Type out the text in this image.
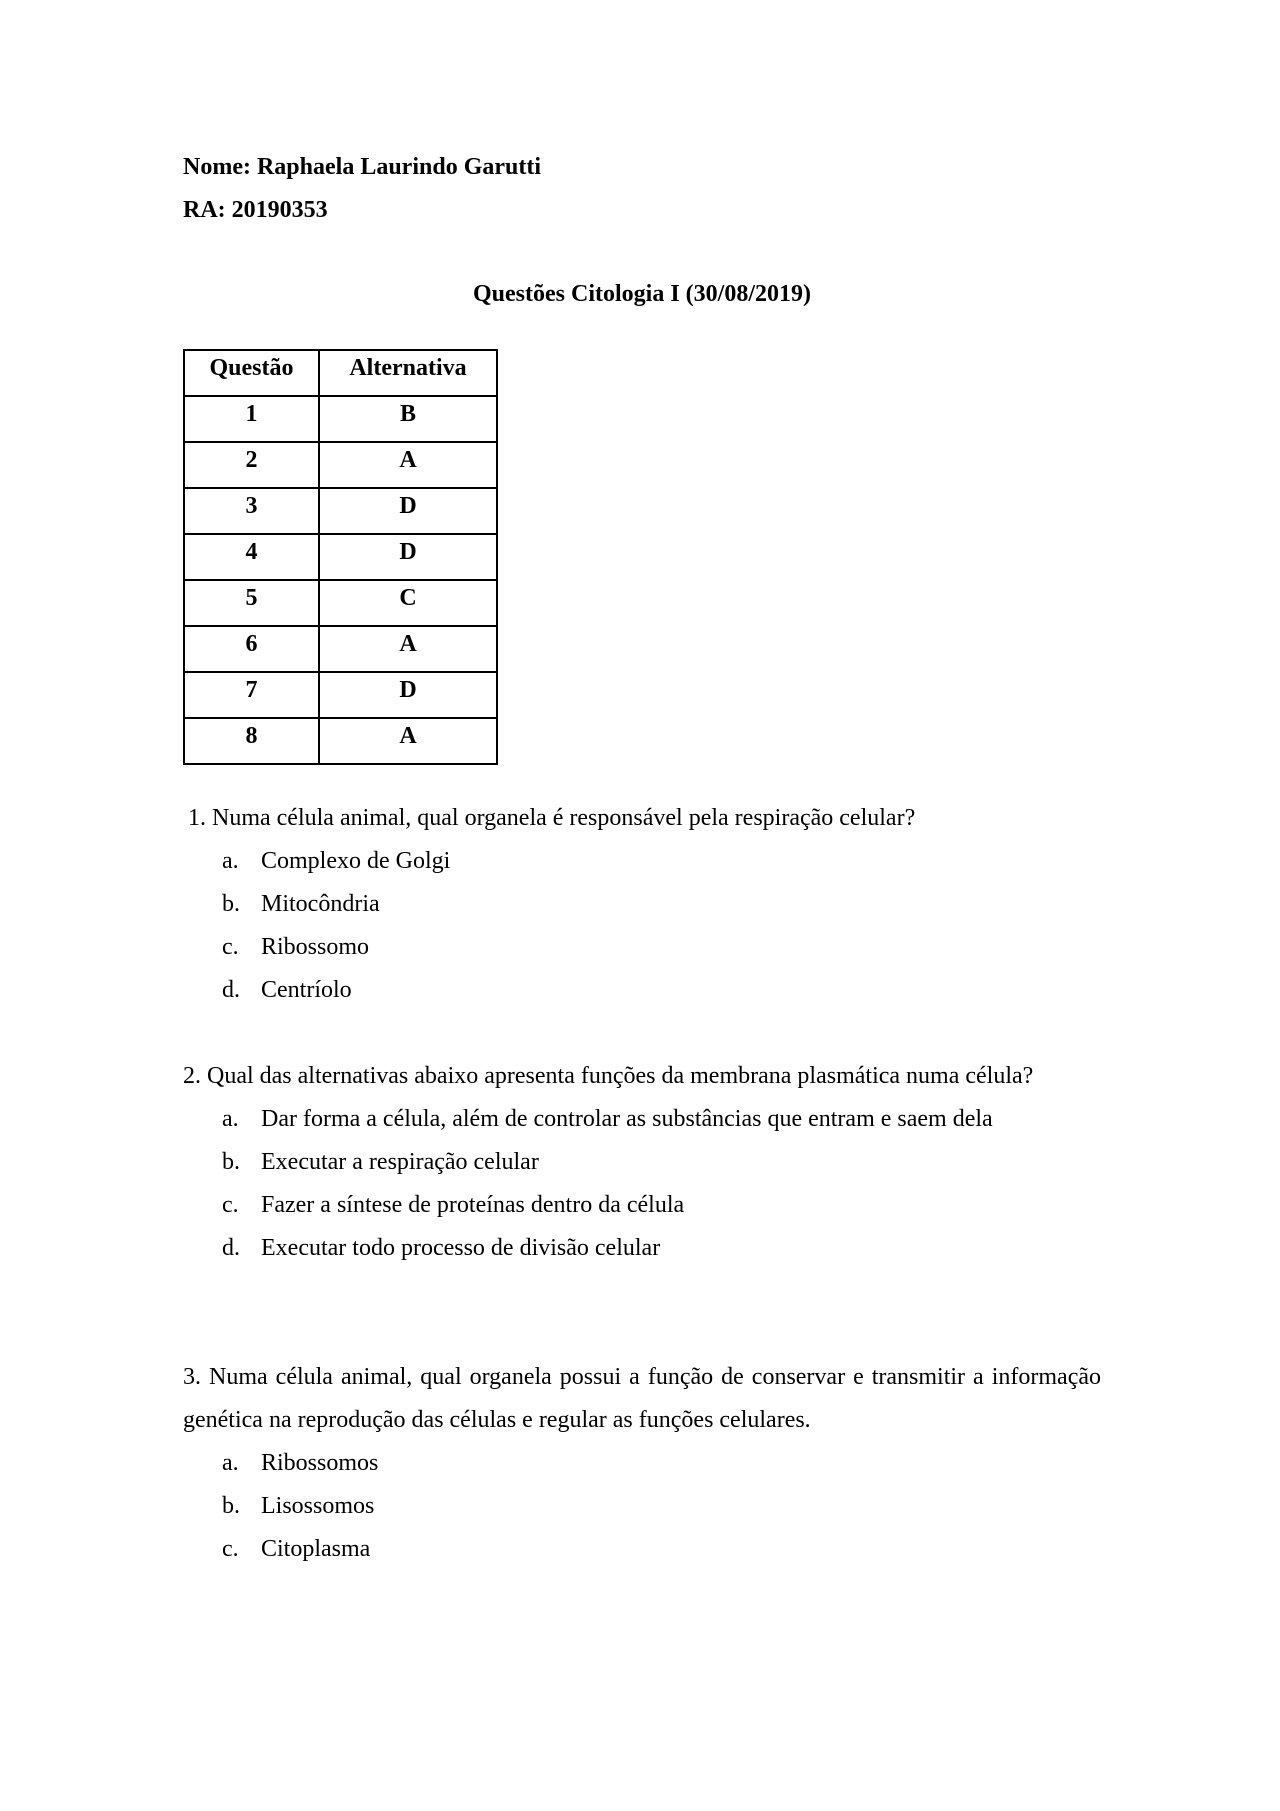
Nome: Raphaela Laurindo Garutti
RA: 20190353
Questões Citologia I (30/08/2019)
Questão	Alternativa
1	B
2	A
3	D
4	D
5	C
6	A
7	D
8	A
1. Numa célula animal, qual organela é responsável pela respiração celular?
a. Complexo de Golgi
b. Mitocôndria
c. Ribossomo
d. Centríolo
2. Qual das alternativas abaixo apresenta funções da membrana plasmática numa célula?
a. Dar forma a célula, além de controlar as substâncias que entram e saem dela
b. Executar a respiração celular
c. Fazer a síntese de proteínas dentro da célula
d. Executar todo processo de divisão celular
3. Numa célula animal, qual organela possui a função de conservar e transmitir a informação genética na reprodução das células e regular as funções celulares.
a. Ribossomos
b. Lisossomos
c. Citoplasma
